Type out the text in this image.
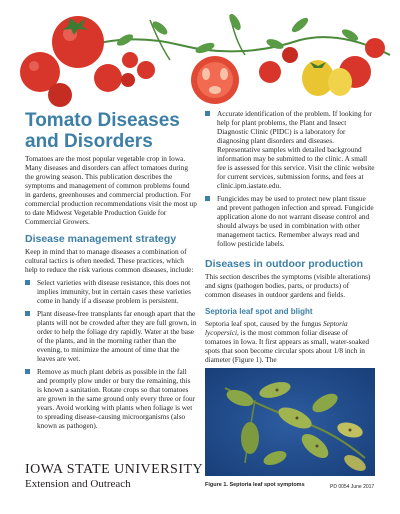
Tomato Diseases and Disorders

Tomatoes are the most popular vegetable crop in Iowa. Many diseases and disorders can affect tomatoes during the growing season. This publication describes the symptoms and management of common problems found in gardens, greenhouses and commercial production. For commercial production recommendations visit the most up to date Midwest Vegetable Production Guide for Commercial Growers.

Disease management strategy

Keep in mind that to manage diseases a combination of cultural tactics is often needed. These practices, which help to reduce the risk various common diseases, include:

Select varieties with disease resistance, this does not implies immunity, but in certain cases these varieties come in handy if a disease problem is persistent.
Plant disease-free transplants far enough apart that the plants will not be crowded after they are full grown, in order to help the foliage dry rapidly. Water at the base of the plants, and in the morning rather than the evening, to minimize the amount of time that the leaves are wet.
Remove as much plant debris as possible in the fall and promptly plow under or bury the remaining, this is known a sanitation. Rotate crops so that tomatoes are grown in the same ground only every three or four years. Avoid working with plants when foliage is wet to spreading disease-causing microorganisms (also known as pathogen).
Accurate identification of the problem. If looking for help for plant problems, the Plant and Insect Diagnostic Clinic (PIDC) is a laboratory for diagnosing plant disorders and diseases. Representative samples with detailed background information may be submitted to the clinic. A small fee is assessed for this service. Visit the clinic website for current services, submission forms, and fees at clinic.ipm.iastate.edu.
Fungicides may be used to protect new plant tissue and prevent pathogen infection and spread. Fungicide application alone do not warrant disease control and should always be used in combination with other management tactics. Remember always read and follow pesticide labels.
Diseases in outdoor production

This section describes the symptoms (visible alterations) and signs (pathogen bodies, parts, or products) of common diseases in outdoor gardens and fields.

Septoria leaf spot and blight

Septoria leaf spot, caused by the fungus Septoria lycopersici, is the most common foliar disease of tomatoes in Iowa. It first appears as small, water-soaked spots that soon become circular spots about 1/8 inch in diameter (Figure 1). The

Figure 1. Septoria leaf spot symptoms
IOWA STATE UNIVERSITY
Extension and Outreach	PD 0054 June 2017
